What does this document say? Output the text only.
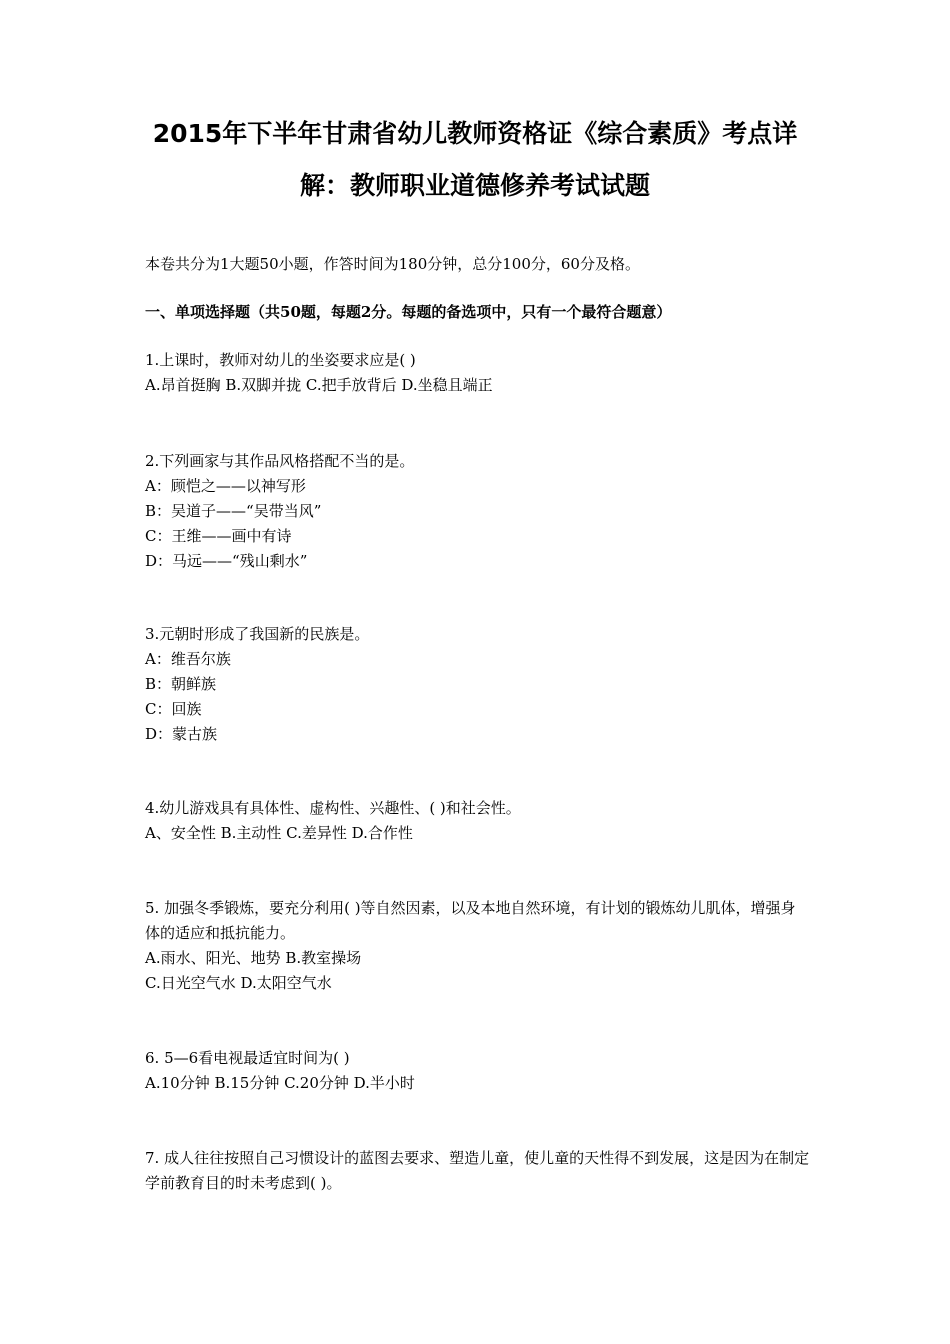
2015年下半年甘肃省幼儿教师资格证《综合素质》考点详
解：教师职业道德修养考试试题
本卷共分为1大题50小题，作答时间为180分钟，总分100分，60分及格。
一、单项选择题（共50题，每题2分。每题的备选项中，只有一个最符合题意）
1.上课时，教师对幼儿的坐姿要求应是( )
A.昂首挺胸 B.双脚并拢 C.把手放背后 D.坐稳且端正
2.下列画家与其作品风格搭配不当的是。
A：顾恺之——以神写形
B：吴道子——“吴带当风”
C：王维——画中有诗
D：马远——“残山剩水”
3.元朝时形成了我国新的民族是。
A：维吾尔族
B：朝鲜族
C：回族
D：蒙古族
4.幼儿游戏具有具体性、虚构性、兴趣性、( )和社会性。
A、安全性 B.主动性 C.差异性 D.合作性
5. 加强冬季锻炼，要充分利用( )等自然因素，以及本地自然环境，有计划的锻炼幼儿肌体，增强身体的适应和抵抗能力。
A.雨水、阳光、地势 B.教室操场
C.日光空气水 D.太阳空气水
6. 5—6看电视最适宜时间为( )
A.10分钟 B.15分钟 C.20分钟 D.半小时
7. 成人往往按照自己习惯设计的蓝图去要求、塑造儿童，使儿童的天性得不到发展，这是因为在制定学前教育目的时未考虑到( )。
